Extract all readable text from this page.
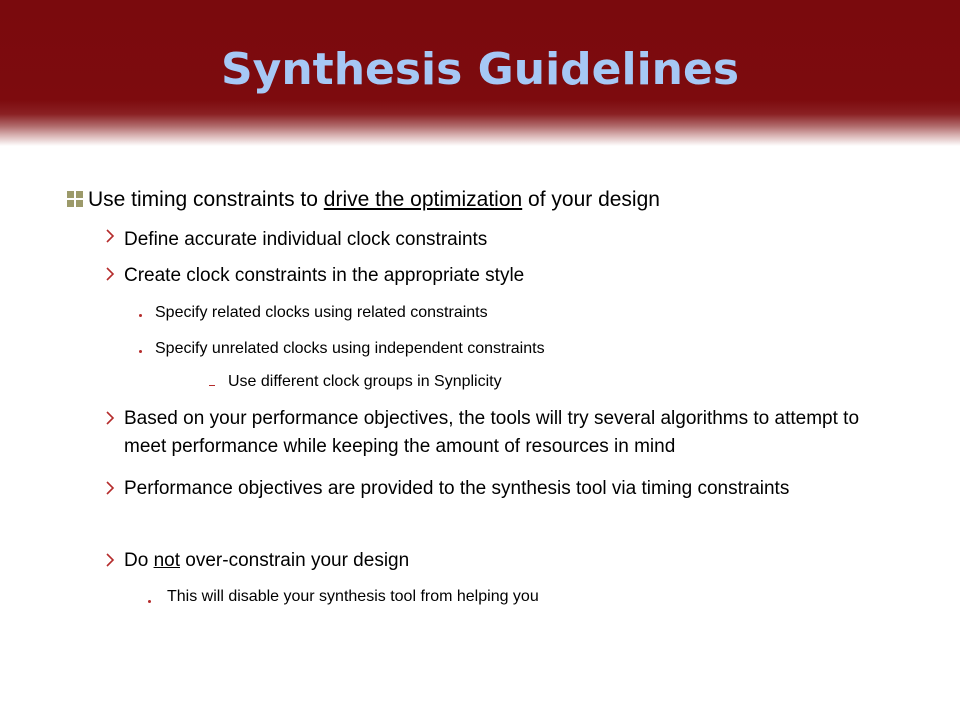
Synthesis Guidelines
Use timing constraints to drive the optimization of your design
Define accurate individual clock constraints
Create clock constraints in the appropriate style
Specify related clocks using related constraints
Specify unrelated clocks using independent constraints
Use different clock groups in Synplicity
Based on your performance objectives, the tools will try several algorithms to attempt to meet performance while keeping the amount of resources in mind
Performance objectives are provided to the synthesis tool via timing constraints
Do not over-constrain your design
This will disable your synthesis tool from helping you
